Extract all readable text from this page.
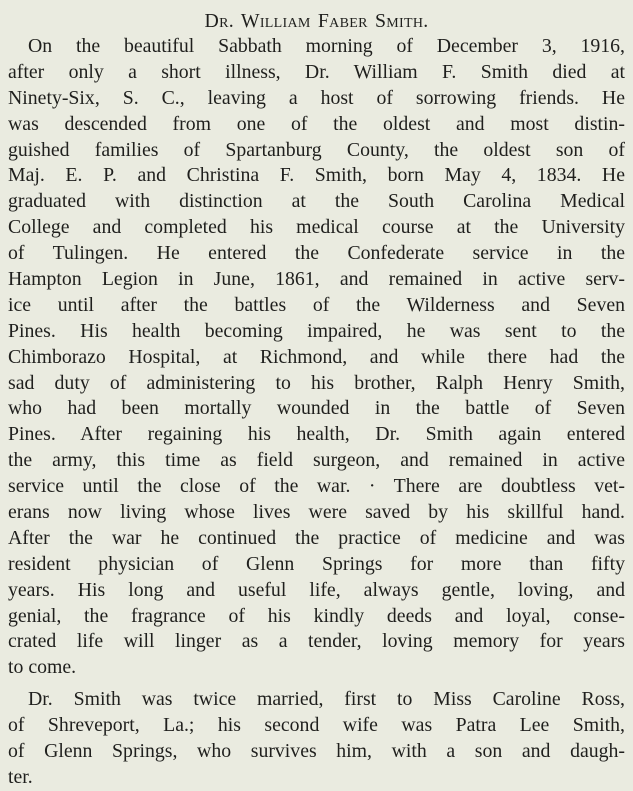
Dr. William Faber Smith.

On the beautiful Sabbath morning of December 3, 1916,
after only a short illness, Dr. William F. Smith died at
Ninety-Six, S. C., leaving a host of sorrowing friends. He
was descended from one of the oldest and most distin-
guished families of Spartanburg County, the oldest son of
Maj. E. P. and Christina F. Smith, born May 4, 1834. He
graduated with distinction at the South Carolina Medical
College and completed his medical course at the University
of Tulingen. He entered the Confederate service in the
Hampton Legion in June, 1861, and remained in active serv-
ice until after the battles of the Wilderness and Seven
Pines. His health becoming impaired, he was sent to the
Chimborazo Hospital, at Richmond, and while there had the
sad duty of administering to his brother, Ralph Henry Smith,
who had been mortally wounded in the battle of Seven
Pines. After regaining his health, Dr. Smith again entered
the army, this time as field surgeon, and remained in active
service until the close of the war. · There are doubtless vet-
erans now living whose lives were saved by his skillful hand.
After the war he continued the practice of medicine and was
resident physician of Glenn Springs for more than fifty
years. His long and useful life, always gentle, loving, and
genial, the fragrance of his kindly deeds and loyal, conse-
crated life will linger as a tender, loving memory for years
to come.

Dr. Smith was twice married, first to Miss Caroline Ross,
of Shreveport, La.; his second wife was Patra Lee Smith,
of Glenn Springs, who survives him, with a son and daugh-
ter.
